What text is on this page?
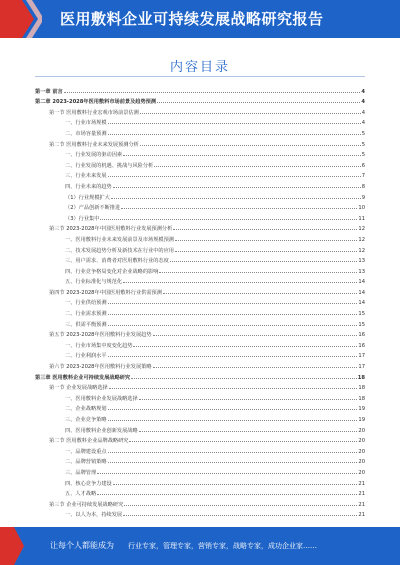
医用敷料企业可持续发展战略研究报告
内容目录
第一章 前言	4
第二章 2023-2028年医用敷料市场前景及趋势预测	4
第一节 医用敷料行业宏观市场前景估测	4
一、行业市场规模	4
二、市场容量预测	5
第二节 医用敷料行业未来发展预测分析	5
一、行业发展的驱动因素	5
二、行业发展的机遇、挑战与风险分析	6
三、行业未来发展	7
四、行业未来的趋势	8
（1）行业规模扩大	9
（2）产品创新不断推进	10
（3）行业集中	11
第三节 2023-2028年中国医用敷料行业发展预测分析	12
一、医用敷料行业未来发展前景及市场规模预测	12
二、技术发展趋势分析及新技术在行业中的应用	12
三、用户需求、消费者对医用敷料行业的态度	13
四、行业竞争格局变化对企业战略的影响	13
五、行业标准化与规范化	14
第四节 2023-2028年中国医用敷料行业供需预测	14
一、行业供给预测	14
二、行业需求预测	15
三、供需平衡预测	15
第五节 2023-2028年医用敷料行业发展趋势	16
一、行业市场集中度变化趋势	16
二、行业利润水平	17
第六节 2023-2028年医用敷料行业发展策略	17
第三章 医用敷料企业可持续发展战略研究	18
第一节 企业发展战略选择	18
一、医用敷料企业发展战略选择	18
二、企业战略规划	19
三、企业竞争策略	19
四、医用敷料企业创新发展战略	20
第二节 医用敷料企业品牌战略研究	20
一、品牌建设重点	20
二、品牌营销策略	20
三、品牌管理	20
四、核心竞争力建设	21
五、人才战略	21
第三节 企业可持续发展战略研究	21
一、以人为本，持续发展	21
让每个人都能成为 行业专家，管理专家，营销专家，战略专家，成功企业家……
